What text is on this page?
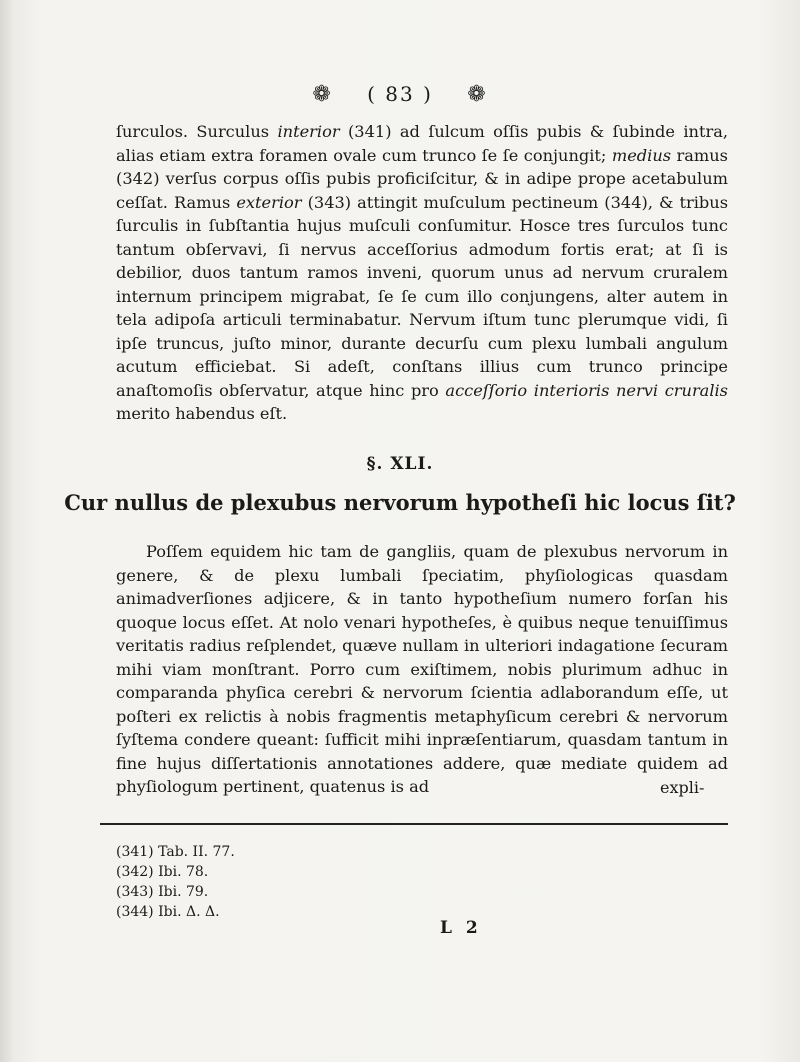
❁ ( 83 ) ❁
ſurculos. Surculus interior (341) ad ſulcum oſſis pubis & ſubinde intra, alias etiam extra foramen ovale cum trunco ſe ſe conjungit; medius ramus (342) verſus corpus oſſis pubis proficiſcitur, & in adipe prope acetabulum ceſſat. Ramus exterior (343) attingit muſculum pectineum (344), & tribus ſurculis in ſubſtantia hujus muſculi conſumitur. Hosce tres ſurculos tunc tantum obſervavi, ſi nervus acceſſorius admodum fortis erat; at ſi is debilior, duos tantum ramos inveni, quorum unus ad nervum cruralem internum principem migrabat, ſe ſe cum illo conjungens, alter autem in tela adipoſa articuli terminabatur. Nervum iſtum tunc plerumque vidi, ſi ipſe truncus, juſto minor, durante decurſu cum plexu lumbali angulum acutum efficiebat. Si adeſt, conſtans illius cum trunco principe anaſtomoſis obſervatur, atque hinc pro acceſſorio interioris nervi cruralis merito habendus eſt.
§. XLI.
Cur nullus de plexubus nervorum hypotheſi hic locus ſit?
Poſſem equidem hic tam de gangliis, quam de plexubus nervorum in genere, & de plexu lumbali ſpeciatim, phyſiologicas quasdam animadverſiones adjicere, & in tanto hypotheſium numero forſan his quoque locus eſſet. At nolo venari hypotheſes, è quibus neque tenuiſſimus veritatis radius reſplendet, quæve nullam in ulteriori indagatione ſecuram mihi viam monſtrant. Porro cum exiſtimem, nobis plurimum adhuc in comparanda phyſica cerebri & nervorum ſcientia adlaborandum eſſe, ut poſteri ex relictis à nobis fragmentis metaphyſicum cerebri & nervorum ſyſtema condere queant: ſufficit mihi inpræſentiarum, quasdam tantum in fine hujus diſſertationis annotationes addere, quæ mediate quidem ad phyſiologum pertinent, quatenus is ad	expli-
(341) Tab. II. 77.
(342) Ibi. 78.
(343) Ibi. 79.
(344) Ibi. Δ. Δ.
L 2
